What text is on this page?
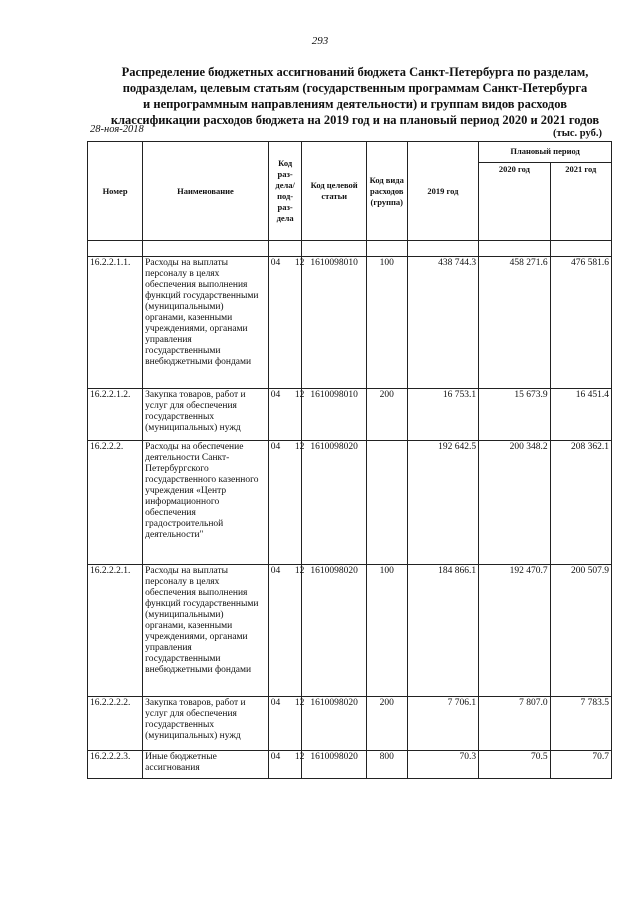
293
Распределение бюджетных ассигнований бюджета Санкт-Петербурга по разделам,
подразделам, целевым статьям (государственным программам Санкт-Петербурга
и непрограммным направлениям деятельности) и группам видов расходов
классификации расходов бюджета на 2019 год и на плановый период 2020 и 2021 годов
28-ноя-2018	(тыс. руб.)
Номер	Наименование	Код раз-дела/ под-раз-дела		Код целевой статьи	Код вида расходов (группа)	2019 год	Плановый период	
							2020 год	2021 год

16.2.2.1.1.	Расходы на выплаты персоналу в целях обеспечения выполнения функций государственными (муниципальными) органами, казенными учреждениями, органами управления государственными внебюджетными фондами	04	12	1610098010	100	438 744.3	458 271.6	476 581.6
16.2.2.1.2.	Закупка товаров, работ и услуг для обеспечения государственных (муниципальных) нужд	04	12	1610098010	200	16 753.1	15 673.9	16 451.4
16.2.2.2.	Расходы на обеспечение деятельности Санкт-Петербургского государственного казенного учреждения «Центр информационного обеспечения градостроительной деятельности"	04	12	1610098020		192 642.5	200 348.2	208 362.1
16.2.2.2.1.	Расходы на выплаты персоналу в целях обеспечения выполнения функций государственными (муниципальными) органами, казенными учреждениями, органами управления государственными внебюджетными фондами	04	12	1610098020	100	184 866.1	192 470.7	200 507.9
16.2.2.2.2.	Закупка товаров, работ и услуг для обеспечения государственных (муниципальных) нужд	04	12	1610098020	200	7 706.1	7 807.0	7 783.5
16.2.2.2.3.	Иные бюджетные ассигнования	04	12	1610098020	800	70.3	70.5	70.7
